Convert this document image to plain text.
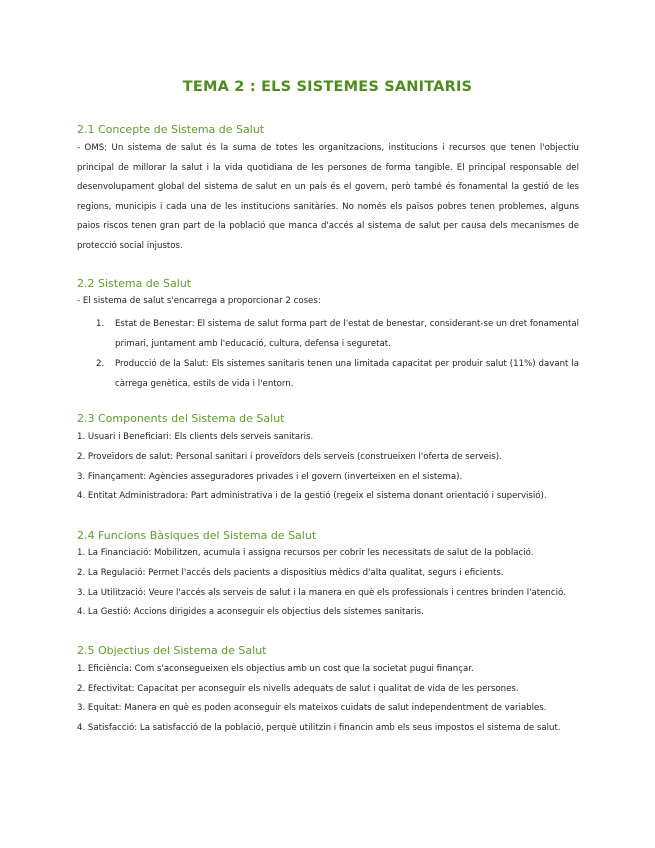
TEMA 2 : ELS SISTEMES SANITARIS
2.1 Concepte de Sistema de Salut
- OMS: Un sistema de salut és la suma de totes les organitzacions, institucions i recursos que tenen l'objectiu principal de millorar la salut i la vida quotidiana de les persones de forma tangible. El principal responsable del desenvolupament global del sistema de salut en un país és el govern, però també és fonamental la gestió de les regions, municipis i cada una de les institucions sanitàries. No només els països pobres tenen problemes, alguns paios riscos tenen gran part de la població que manca d'accés al sistema de salut per causa dels mecanismes de protecció social injustos.
2.2 Sistema de Salut
- El sistema de salut s'encarrega a proporcionar 2 coses:
1. Estat de Benestar: El sistema de salut forma part de l'estat de benestar, considerant-se un dret fonamental primari, juntament amb l'educació, cultura, defensa i seguretat.
2. Producció de la Salut: Els sistemes sanitaris tenen una limitada capacitat per produir salut (11%) davant la càrrega genètica, estils de vida i l'entorn.
2.3 Components del Sistema de Salut
1. Usuari i Beneficiari: Els clients dels serveis sanitaris.
2. Proveïdors de salut: Personal sanitari i proveïdors dels serveis (construeixen l'oferta de serveis).
3. Finançament: Agències asseguradores privades i el govern (inverteixen en el sistema).
4. Entitat Administradora: Part administrativa i de la gestió (regeix el sistema donant orientació i supervisió).
2.4 Funcions Bàsiques del Sistema de Salut
1. La Financiació: Mobilitzen, acumula i assigna recursos per cobrir les necessitats de salut de la població.
2. La Regulació: Permet l'accés dels pacients a dispositius mèdics d'alta qualitat, segurs i eficients.
3. La Utilització: Veure l'accés als serveis de salut i la manera en què els professionals i centres brinden l'atenció.
4. La Gestió: Accions dirigides a aconseguir els objectius dels sistemes sanitaris.
2.5 Objectius del Sistema de Salut
1. Eficiència: Com s'aconsegueixen els objectius amb un cost que la societat pugui finançar.
2. Efectivitat: Capacitat per aconseguir els nivells adequats de salut i qualitat de vida de les persones.
3. Equitat: Manera en què es poden aconseguir els mateixos cuidats de salut independentment de variables.
4. Satisfacció: La satisfacció de la població, perquè utilitzin i financin amb els seus impostos el sistema de salut.
